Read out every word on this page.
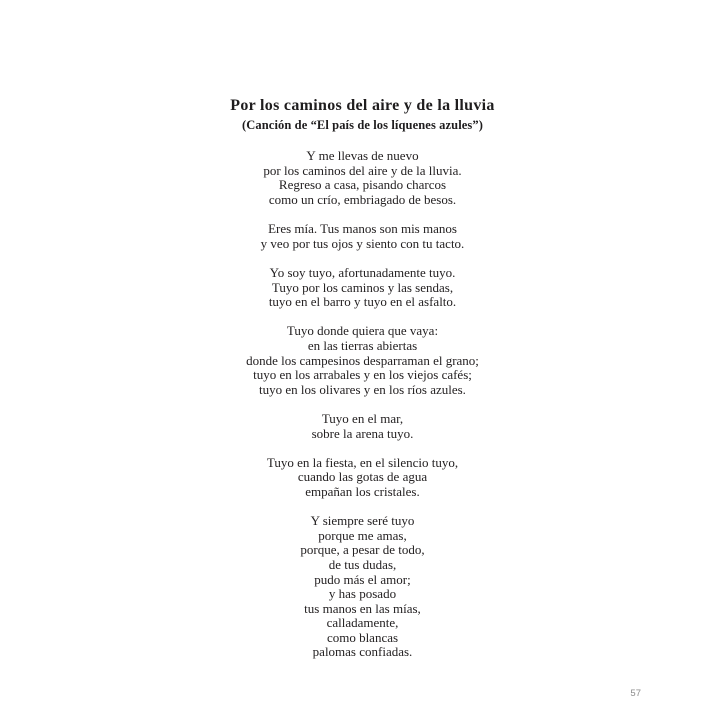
Por los caminos del aire y de la lluvia
(Canción de “El país de los líquenes azules”)
Y me llevas de nuevo
por los caminos del aire y de la lluvia.
Regreso a casa, pisando charcos
como un crío, embriagado de besos.
Eres mía. Tus manos son mis manos
y veo por tus ojos y siento con tu tacto.
Yo soy tuyo, afortunadamente tuyo.
Tuyo por los caminos y las sendas,
tuyo en el barro y tuyo en el asfalto.
Tuyo donde quiera que vaya:
en las tierras abiertas
donde los campesinos desparraman el grano;
tuyo en los arrabales y en los viejos cafés;
tuyo en los olivares y en los ríos azules.
Tuyo en el mar,
sobre la arena tuyo.
Tuyo en la fiesta, en el silencio tuyo,
cuando las gotas de agua
empañan los cristales.
Y siempre seré tuyo
porque me amas,
porque, a pesar de todo,
de tus dudas,
pudo más el amor;
y has posado
tus manos en las mías,
calladamente,
como blancas
palomas confiadas.
57
